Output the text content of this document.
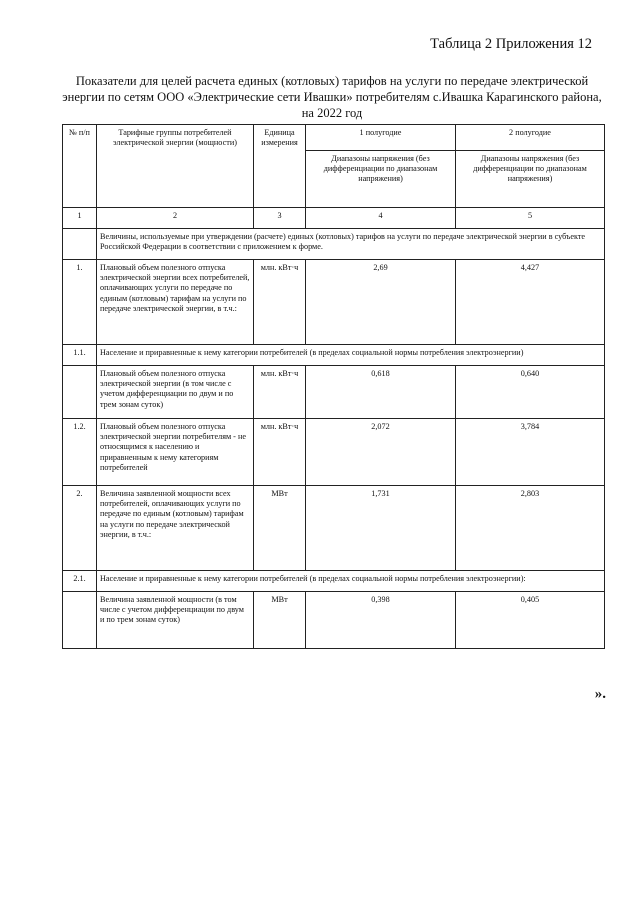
Таблица 2 Приложения 12
Показатели для целей расчета единых (котловых) тарифов на услуги по передаче электрической энергии по сетям ООО «Электрические сети Ивашки» потребителям с.Ивашка Карагинского района, на 2022 год
№ п/п	Тарифные группы потребителей электрической энергии (мощности)	Единица измерения	1 полугодие	2 полугодие
			Диапазоны напряжения (без дифференциации по диапазонам напряжения)	Диапазоны напряжения (без дифференциации по диапазонам напряжения)
1	2	3	4	5
	Величины, используемые при утверждении (расчете) единых (котловых) тарифов на услуги по передаче электрической энергии в субъекте Российской Федерации в соответствии с приложением к форме.			
1.	Плановый объем полезного отпуска электрической энергии всех потребителей, оплачивающих услуги по передаче по единым (котловым) тарифам на услуги по передаче электрической энергии, в т.ч.:	млн. кВт·ч	2,69	4,427
1.1.	Население и приравненные к нему категории потребителей (в пределах социальной нормы потребления электроэнергии)			
	Плановый объем полезного отпуска электрической энергии (в том числе с учетом дифференциации по двум и по трем зонам суток)	млн. кВт·ч	0,618	0,640
1.2.	Плановый объем полезного отпуска электрической энергии потребителям - не относящимся к населению и приравненным к нему категориям потребителей	млн. кВт·ч	2,072	3,784
2.	Величина заявленной мощности всех потребителей, оплачивающих услуги по передаче по единым (котловым) тарифам на услуги по передаче электрической энергии, в т.ч.:	МВт	1,731	2,803
2.1.	Население и приравненные к нему категории потребителей (в пределах социальной нормы потребления электроэнергии):			
	Величина заявленной мощности (в том числе с учетом дифференциации по двум и по трем зонам суток)	МВт	0,398	0,405
».
